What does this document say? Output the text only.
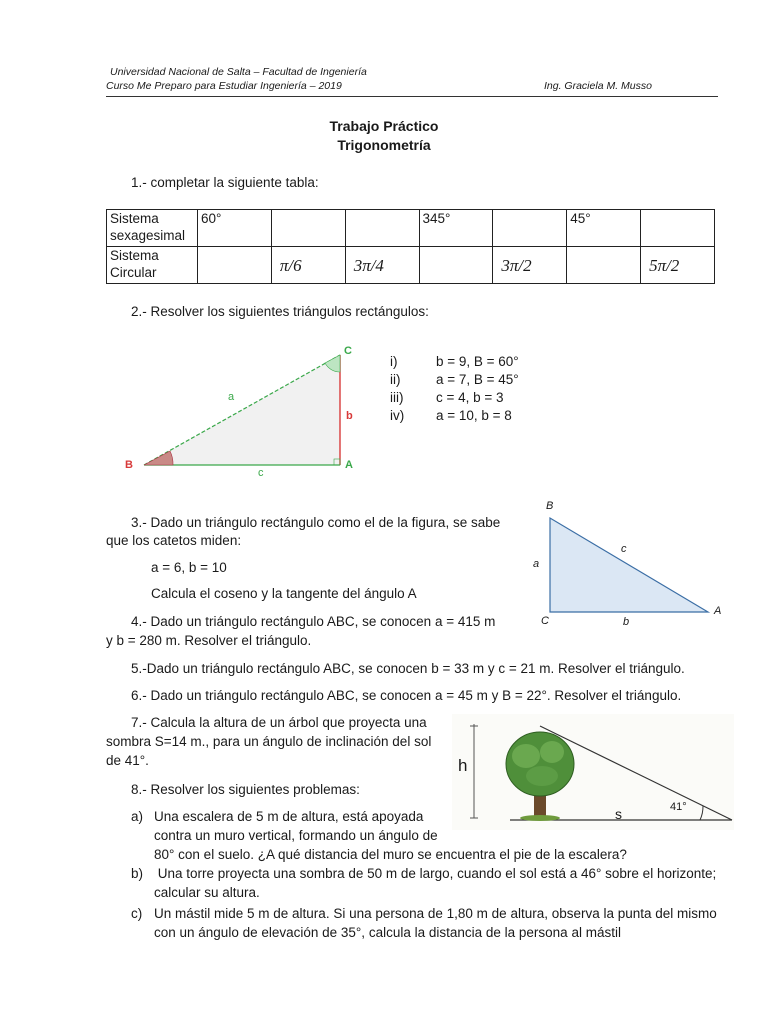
Universidad Nacional de Salta – Facultad de Ingeniería
Curso Me Preparo para Estudiar Ingeniería – 2019	Ing. Graciela M. Musso
Trabajo Práctico
Trigonometría
1.- completar la siguiente tabla:
Sistema sexagesimal	60°			345°		45°	
Sistema Circular		π/6	3π/4		3π/2		5π/2
2.- Resolver los siguientes triángulos rectángulos:
C
B	A
a
b
c
i)	b = 9, B = 60°
ii)	a = 7, B = 45°
iii) c = 4, b = 3
iv) a = 10, b = 8
3.- Dado un triángulo rectángulo como el de la figura, se sabe
que los catetos miden:
a = 6, b = 10
Calcula el coseno y la tangente del ángulo A
B
C
A
a
b
c
4.- Dado un triángulo rectángulo ABC, se conocen a = 415 m
y b = 280 m. Resolver el triángulo.
5.-Dado un triángulo rectángulo ABC, se conocen b = 33 m y c = 21 m. Resolver el triángulo.
6.- Dado un triángulo rectángulo ABC, se conocen a = 45 m y B = 22°. Resolver el triángulo.
7.- Calcula la altura de un árbol que proyecta una
sombra S=14 m., para un ángulo de inclinación del sol
de 41°.	h
s	41°
8.- Resolver los siguientes problemas:
a) Una escalera de 5 m de altura, está apoyada
contra un muro vertical, formando un ángulo de
80° con el suelo. ¿A qué distancia del muro se encuentra el pie de la escalera?
b) Una torre proyecta una sombra de 50 m de largo, cuando el sol está a 46° sobre el horizonte;
calcular su altura.
c) Un mástil mide 5 m de altura. Si una persona de 1,80 m de altura, observa la punta del mismo
con un ángulo de elevación de 35°, calcula la distancia de la persona al mástil
